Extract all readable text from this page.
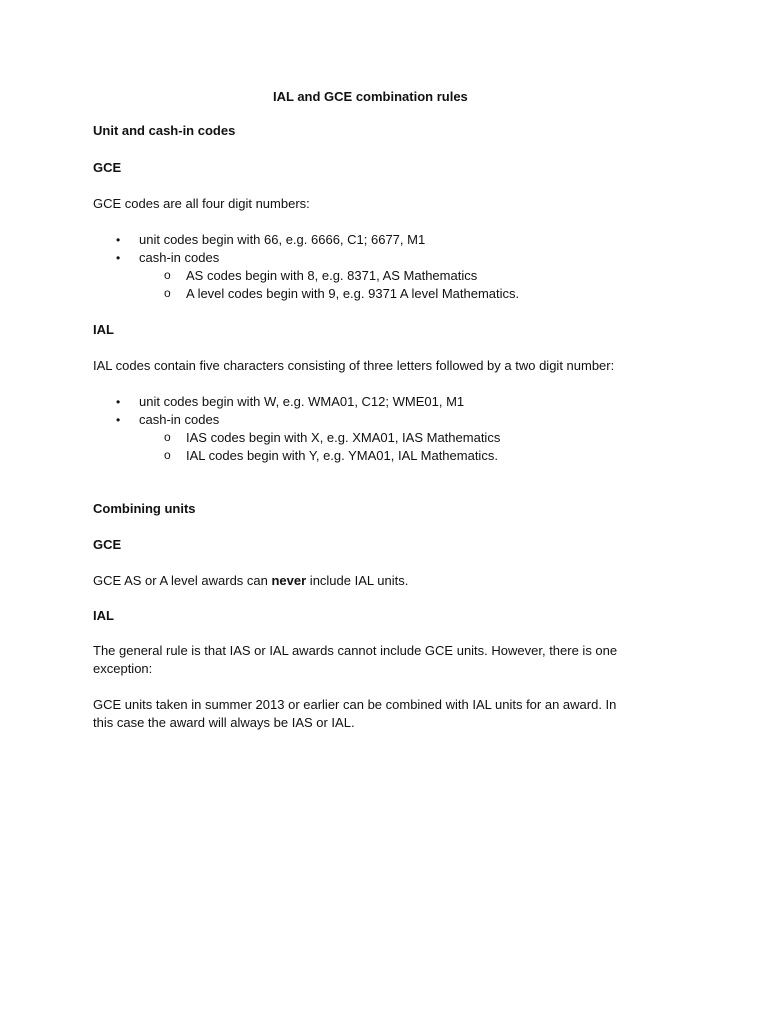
IAL and GCE combination rules
Unit and cash-in codes
GCE
GCE codes are all four digit numbers:
• unit codes begin with 66, e.g. 6666, C1; 6677, M1
• cash-in codes
o AS codes begin with 8, e.g. 8371, AS Mathematics
o A level codes begin with 9, e.g. 9371 A level Mathematics.
IAL
IAL codes contain five characters consisting of three letters followed by a two digit number:
• unit codes begin with W, e.g. WMA01, C12; WME01, M1
• cash-in codes
o IAS codes begin with X, e.g. XMA01, IAS Mathematics
o IAL codes begin with Y, e.g. YMA01, IAL Mathematics.
Combining units
GCE
GCE AS or A level awards can never include IAL units.
IAL
The general rule is that IAS or IAL awards cannot include GCE units. However, there is one
exception:
GCE units taken in summer 2013 or earlier can be combined with IAL units for an award. In
this case the award will always be IAS or IAL.
